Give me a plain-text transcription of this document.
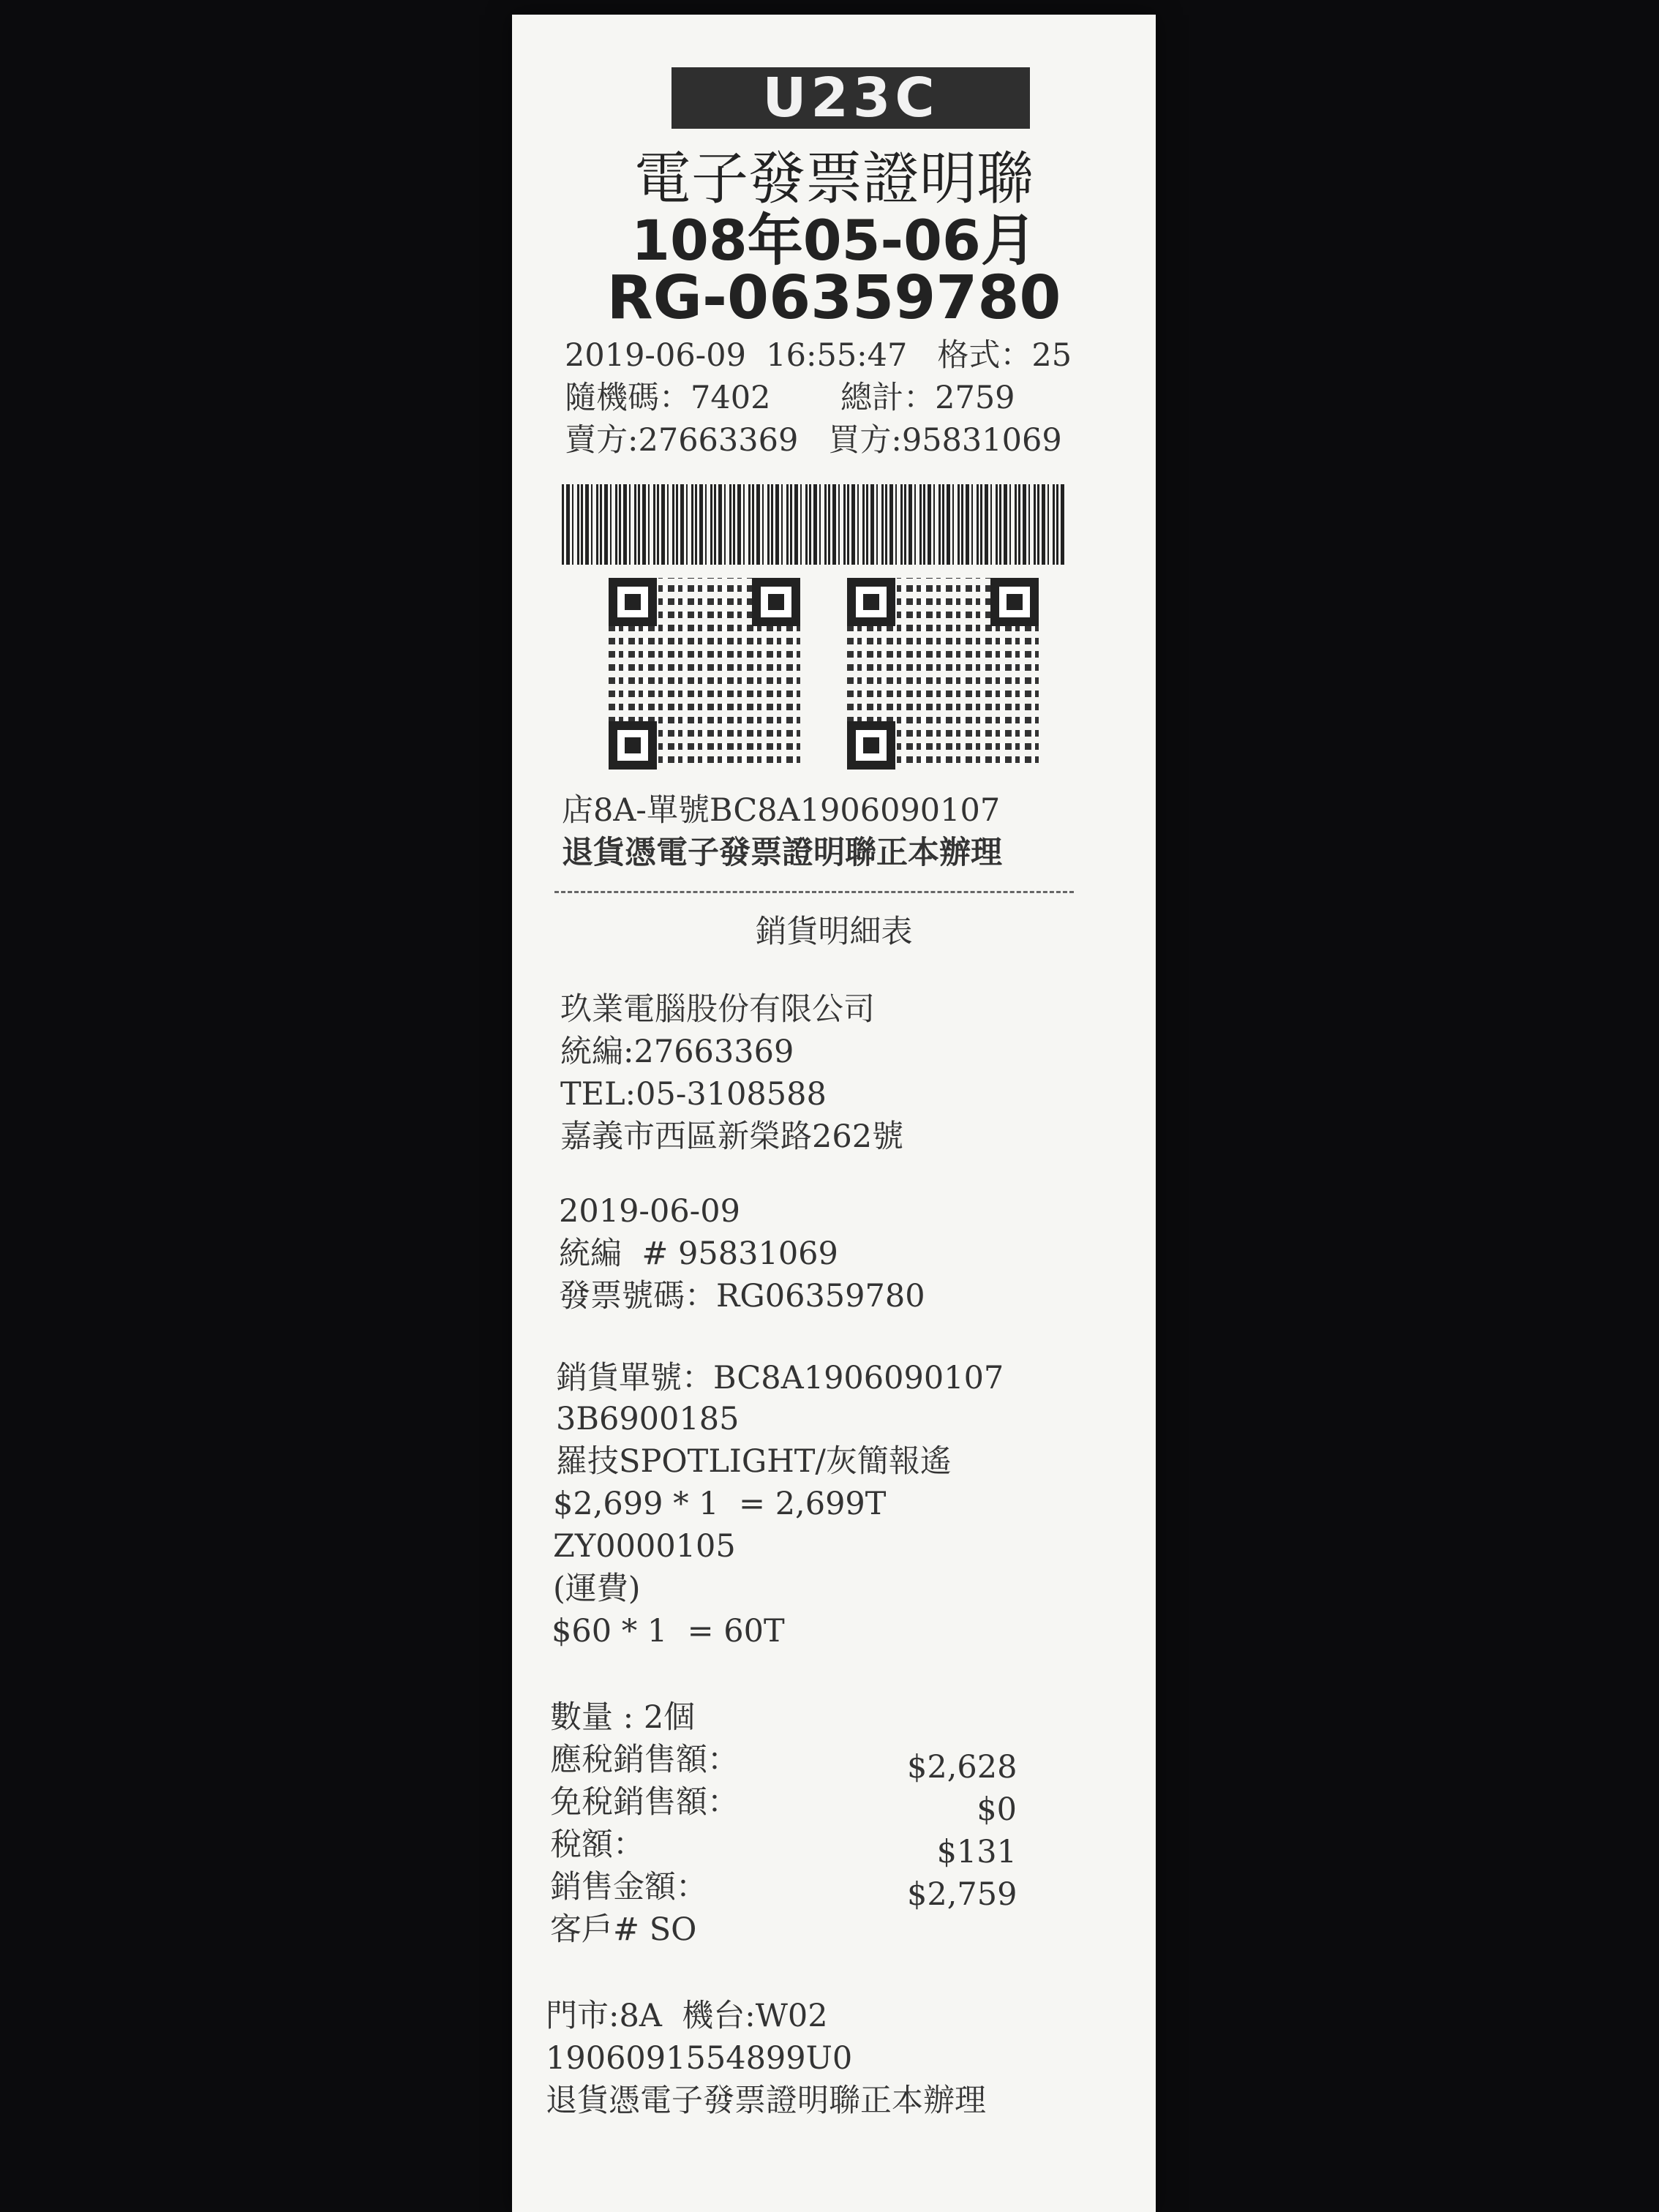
U23C
電子發票證明聯
108年05-06月
RG-06359780
2019-06-09  16:55:47   格式：25
隨機碼：7402       總計：2759
賣方:27663369   買方:95831069
店8A-單號BC8A1906090107
退貨憑電子發票證明聯正本辦理
銷貨明細表
玖業電腦股份有限公司
統編:27663369
TEL:05-3108588
嘉義市西區新榮路262號
2019-06-09
統編  # 95831069
發票號碼：RG06359780
銷貨單號：BC8A1906090107
3B6900185
羅技SPOTLIGHT/灰簡報遙
$2,699 * 1  = 2,699T
ZY0000105
(運費)
$60 * 1  = 60T
數量 : 2個
應稅銷售額：	$2,628
免稅銷售額：	$0
稅額：	$131
銷售金額：	$2,759
客戶# SO
門市:8A  機台:W02
1906091554899U0
退貨憑電子發票證明聯正本辦理
